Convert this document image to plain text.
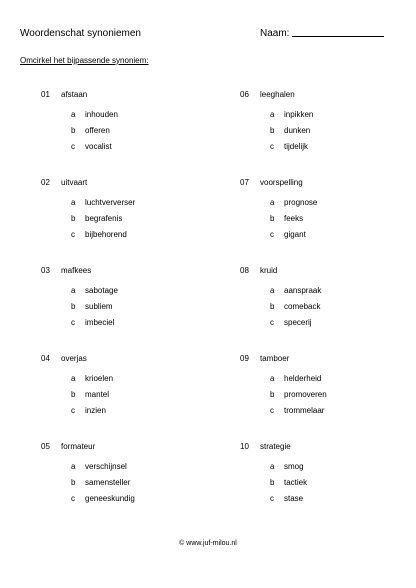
Woordenschat synoniemen	Naam:
Omcirkel het bijpassende synoniem:
01 afstaan
a inhouden
b offeren
c vocalist
06 leeghalen
a inpikken
b dunken
c tijdelijk
02 uitvaart
a luchtververser
b begrafenis
c bijbehorend
07 voorspelling
a prognose
b feeks
c gigant
03 mafkees
a sabotage
b subliem
c imbeciel
08 kruid
a aanspraak
b comeback
c specerij
04 overjas
a krioelen
b mantel
c inzien
09 tamboer
a helderheid
b promoveren
c trommelaar
05 formateur
a verschijnsel
b samensteller
c geneeskundig
10 strategie
a smog
b tactiek
c stase
© www.juf-milou.nl
